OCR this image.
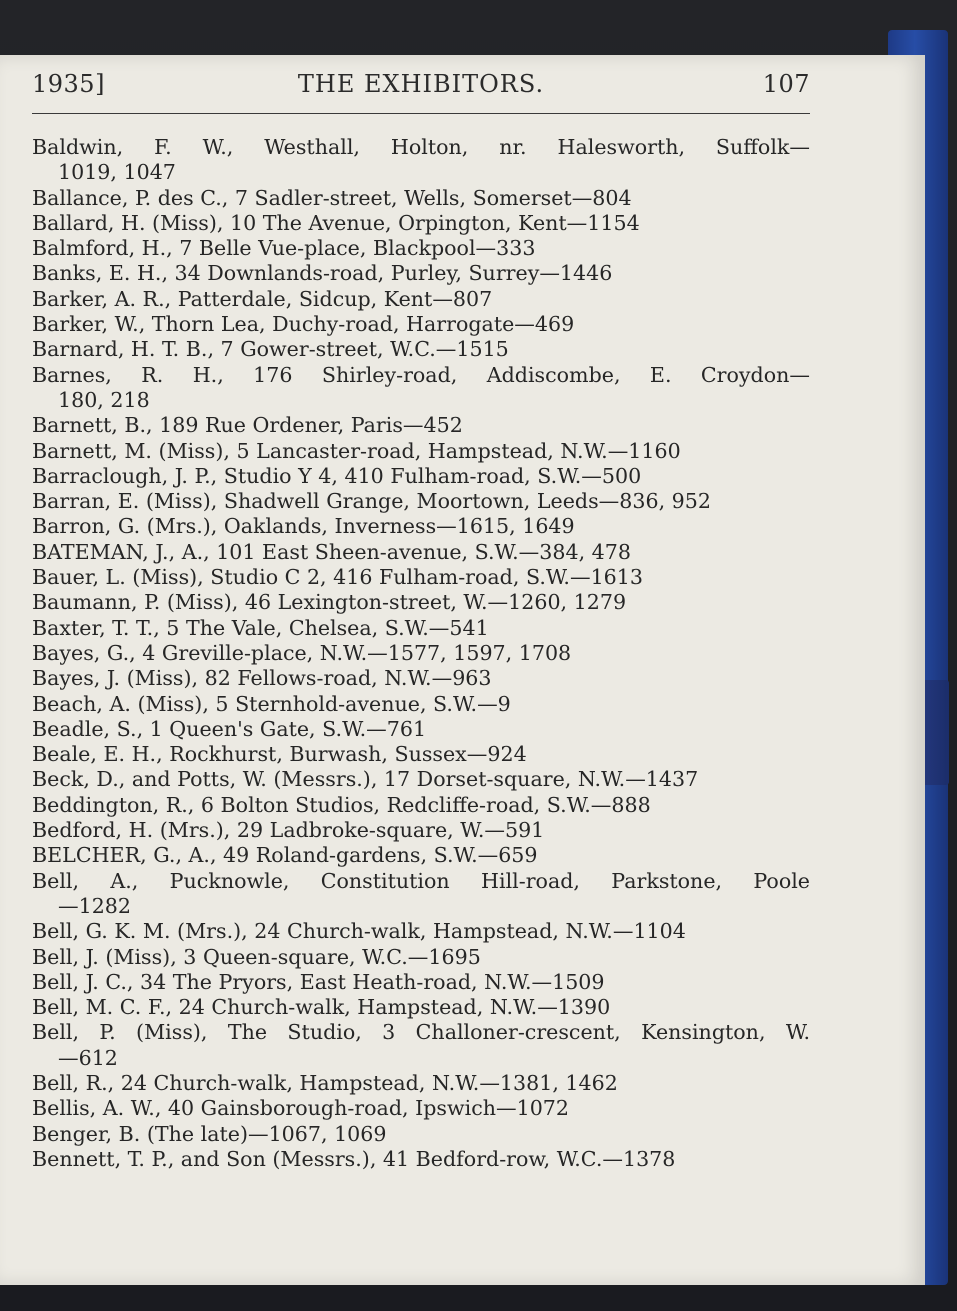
1935]	THE EXHIBITORS.	107
Baldwin, F. W., Westhall, Holton, nr. Halesworth, Suffolk—
1019, 1047
Ballance, P. des C., 7 Sadler-street, Wells, Somerset—804
Ballard, H. (Miss), 10 The Avenue, Orpington, Kent—1154
Balmford, H., 7 Belle Vue-place, Blackpool—333
Banks, E. H., 34 Downlands-road, Purley, Surrey—1446
Barker, A. R., Patterdale, Sidcup, Kent—807
Barker, W., Thorn Lea, Duchy-road, Harrogate—469
Barnard, H. T. B., 7 Gower-street, W.C.—1515
Barnes, R. H., 176 Shirley-road, Addiscombe, E. Croydon—
180, 218
Barnett, B., 189 Rue Ordener, Paris—452
Barnett, M. (Miss), 5 Lancaster-road, Hampstead, N.W.—1160
Barraclough, J. P., Studio Y 4, 410 Fulham-road, S.W.—500
Barran, E. (Miss), Shadwell Grange, Moortown, Leeds—836, 952
Barron, G. (Mrs.), Oaklands, Inverness—1615, 1649
BATEMAN, J., A., 101 East Sheen-avenue, S.W.—384, 478
Bauer, L. (Miss), Studio C 2, 416 Fulham-road, S.W.—1613
Baumann, P. (Miss), 46 Lexington-street, W.—1260, 1279
Baxter, T. T., 5 The Vale, Chelsea, S.W.—541
Bayes, G., 4 Greville-place, N.W.—1577, 1597, 1708
Bayes, J. (Miss), 82 Fellows-road, N.W.—963
Beach, A. (Miss), 5 Sternhold-avenue, S.W.—9
Beadle, S., 1 Queen's Gate, S.W.—761
Beale, E. H., Rockhurst, Burwash, Sussex—924
Beck, D., and Potts, W. (Messrs.), 17 Dorset-square, N.W.—1437
Beddington, R., 6 Bolton Studios, Redcliffe-road, S.W.—888
Bedford, H. (Mrs.), 29 Ladbroke-square, W.—591
BELCHER, G., A., 49 Roland-gardens, S.W.—659
Bell, A., Pucknowle, Constitution Hill-road, Parkstone, Poole
—1282
Bell, G. K. M. (Mrs.), 24 Church-walk, Hampstead, N.W.—1104
Bell, J. (Miss), 3 Queen-square, W.C.—1695
Bell, J. C., 34 The Pryors, East Heath-road, N.W.—1509
Bell, M. C. F., 24 Church-walk, Hampstead, N.W.—1390
Bell, P. (Miss), The Studio, 3 Challoner-crescent, Kensington, W.
—612
Bell, R., 24 Church-walk, Hampstead, N.W.—1381, 1462
Bellis, A. W., 40 Gainsborough-road, Ipswich—1072
Benger, B. (The late)—1067, 1069
Bennett, T. P., and Son (Messrs.), 41 Bedford-row, W.C.—1378
